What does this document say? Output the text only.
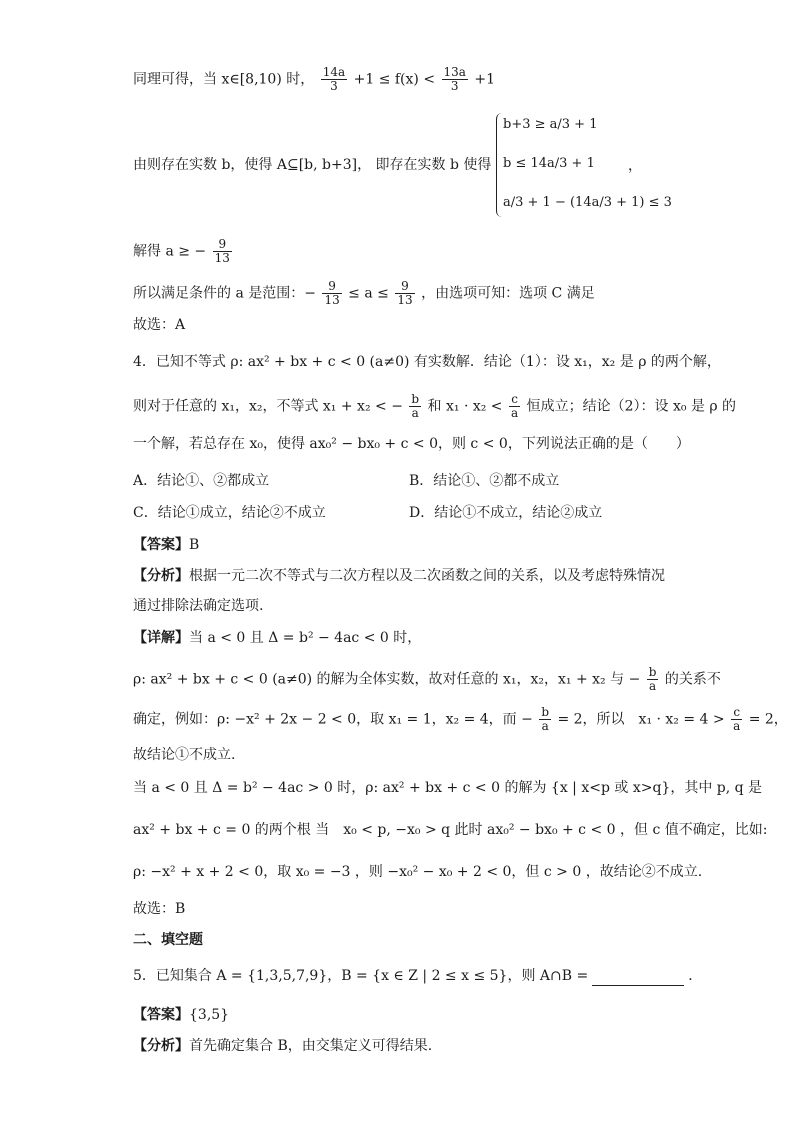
同理可得，当 x∈[8,10) 时， $\frac{14a}{3} +1 \le f(x) < \frac{13a}{3} +1$
由则存在实数 b，使得 A⊆[b, b+3]， 即存在实数 b 使得
b+3 ≥ a/3 + 1
b ≤ 14a/3 + 1
a/3 + 1 − (14a/3 + 1) ≤ 3
，
解得 a ≥ − $\frac{9}{13}$
所以满足条件的 a 是范围：− $\frac{9}{13} \le a \le \frac{9}{13}$ ，由选项可知：选项 C 满足
故选：A
4．已知不等式 ρ: ax² + bx + c < 0 (a≠0) 有实数解．结论（1）：设 x₁，x₂ 是 ρ 的两个解，
则对于任意的 x₁，x₂，不等式 x₁ + x₂ < − $\frac{b}{a}$ 和 $x_1 \cdot x_2 < \frac{c}{a}$ 恒成立；结论（2）：设 x₀ 是 ρ 的
一个解，若总存在 x₀，使得 ax₀² − bx₀ + c < 0，则 c < 0，下列说法正确的是（　　）
A．结论①、②都成立	B．结论①、②都不成立
C．结论①成立，结论②不成立	D．结论①不成立，结论②成立
【答案】B
【分析】根据一元二次不等式与二次方程以及二次函数之间的关系，以及考虑特殊情况
通过排除法确定选项.
【详解】当 a < 0 且 Δ = b² − 4ac < 0 时，
ρ: ax² + bx + c < 0 (a≠0) 的解为全体实数，故对任意的 x₁，x₂，x₁ + x₂ 与 − $\frac{b}{a}$ 的关系不
确定，例如：ρ: −x² + 2x − 2 < 0，取 x₁ = 1，x₂ = 4，而 − $\frac{b}{a} = 2$，所以　$x_1 \cdot x_2 = 4 > \frac{c}{a} = 2$，
故结论①不成立.
当 a < 0 且 Δ = b² − 4ac > 0 时，ρ: ax² + bx + c < 0 的解为 {x | x<p 或 x>q}，其中 p, q 是
ax² + bx + c = 0 的两个根 当　x₀ < p, −x₀ > q 此时 ax₀² − bx₀ + c < 0 ，但 c 值不确定，比如:
ρ: −x² + x + 2 < 0，取 x₀ = −3 ，则 −x₀² − x₀ + 2 < 0，但 c > 0 ，故结论②不成立.
故选：B
二、填空题
5．已知集合 A = {1,3,5,7,9}，B = {x ∈ Z | 2 ≤ x ≤ 5}，则 A∩B =	．
【答案】{3,5}
【分析】首先确定集合 B，由交集定义可得结果.
